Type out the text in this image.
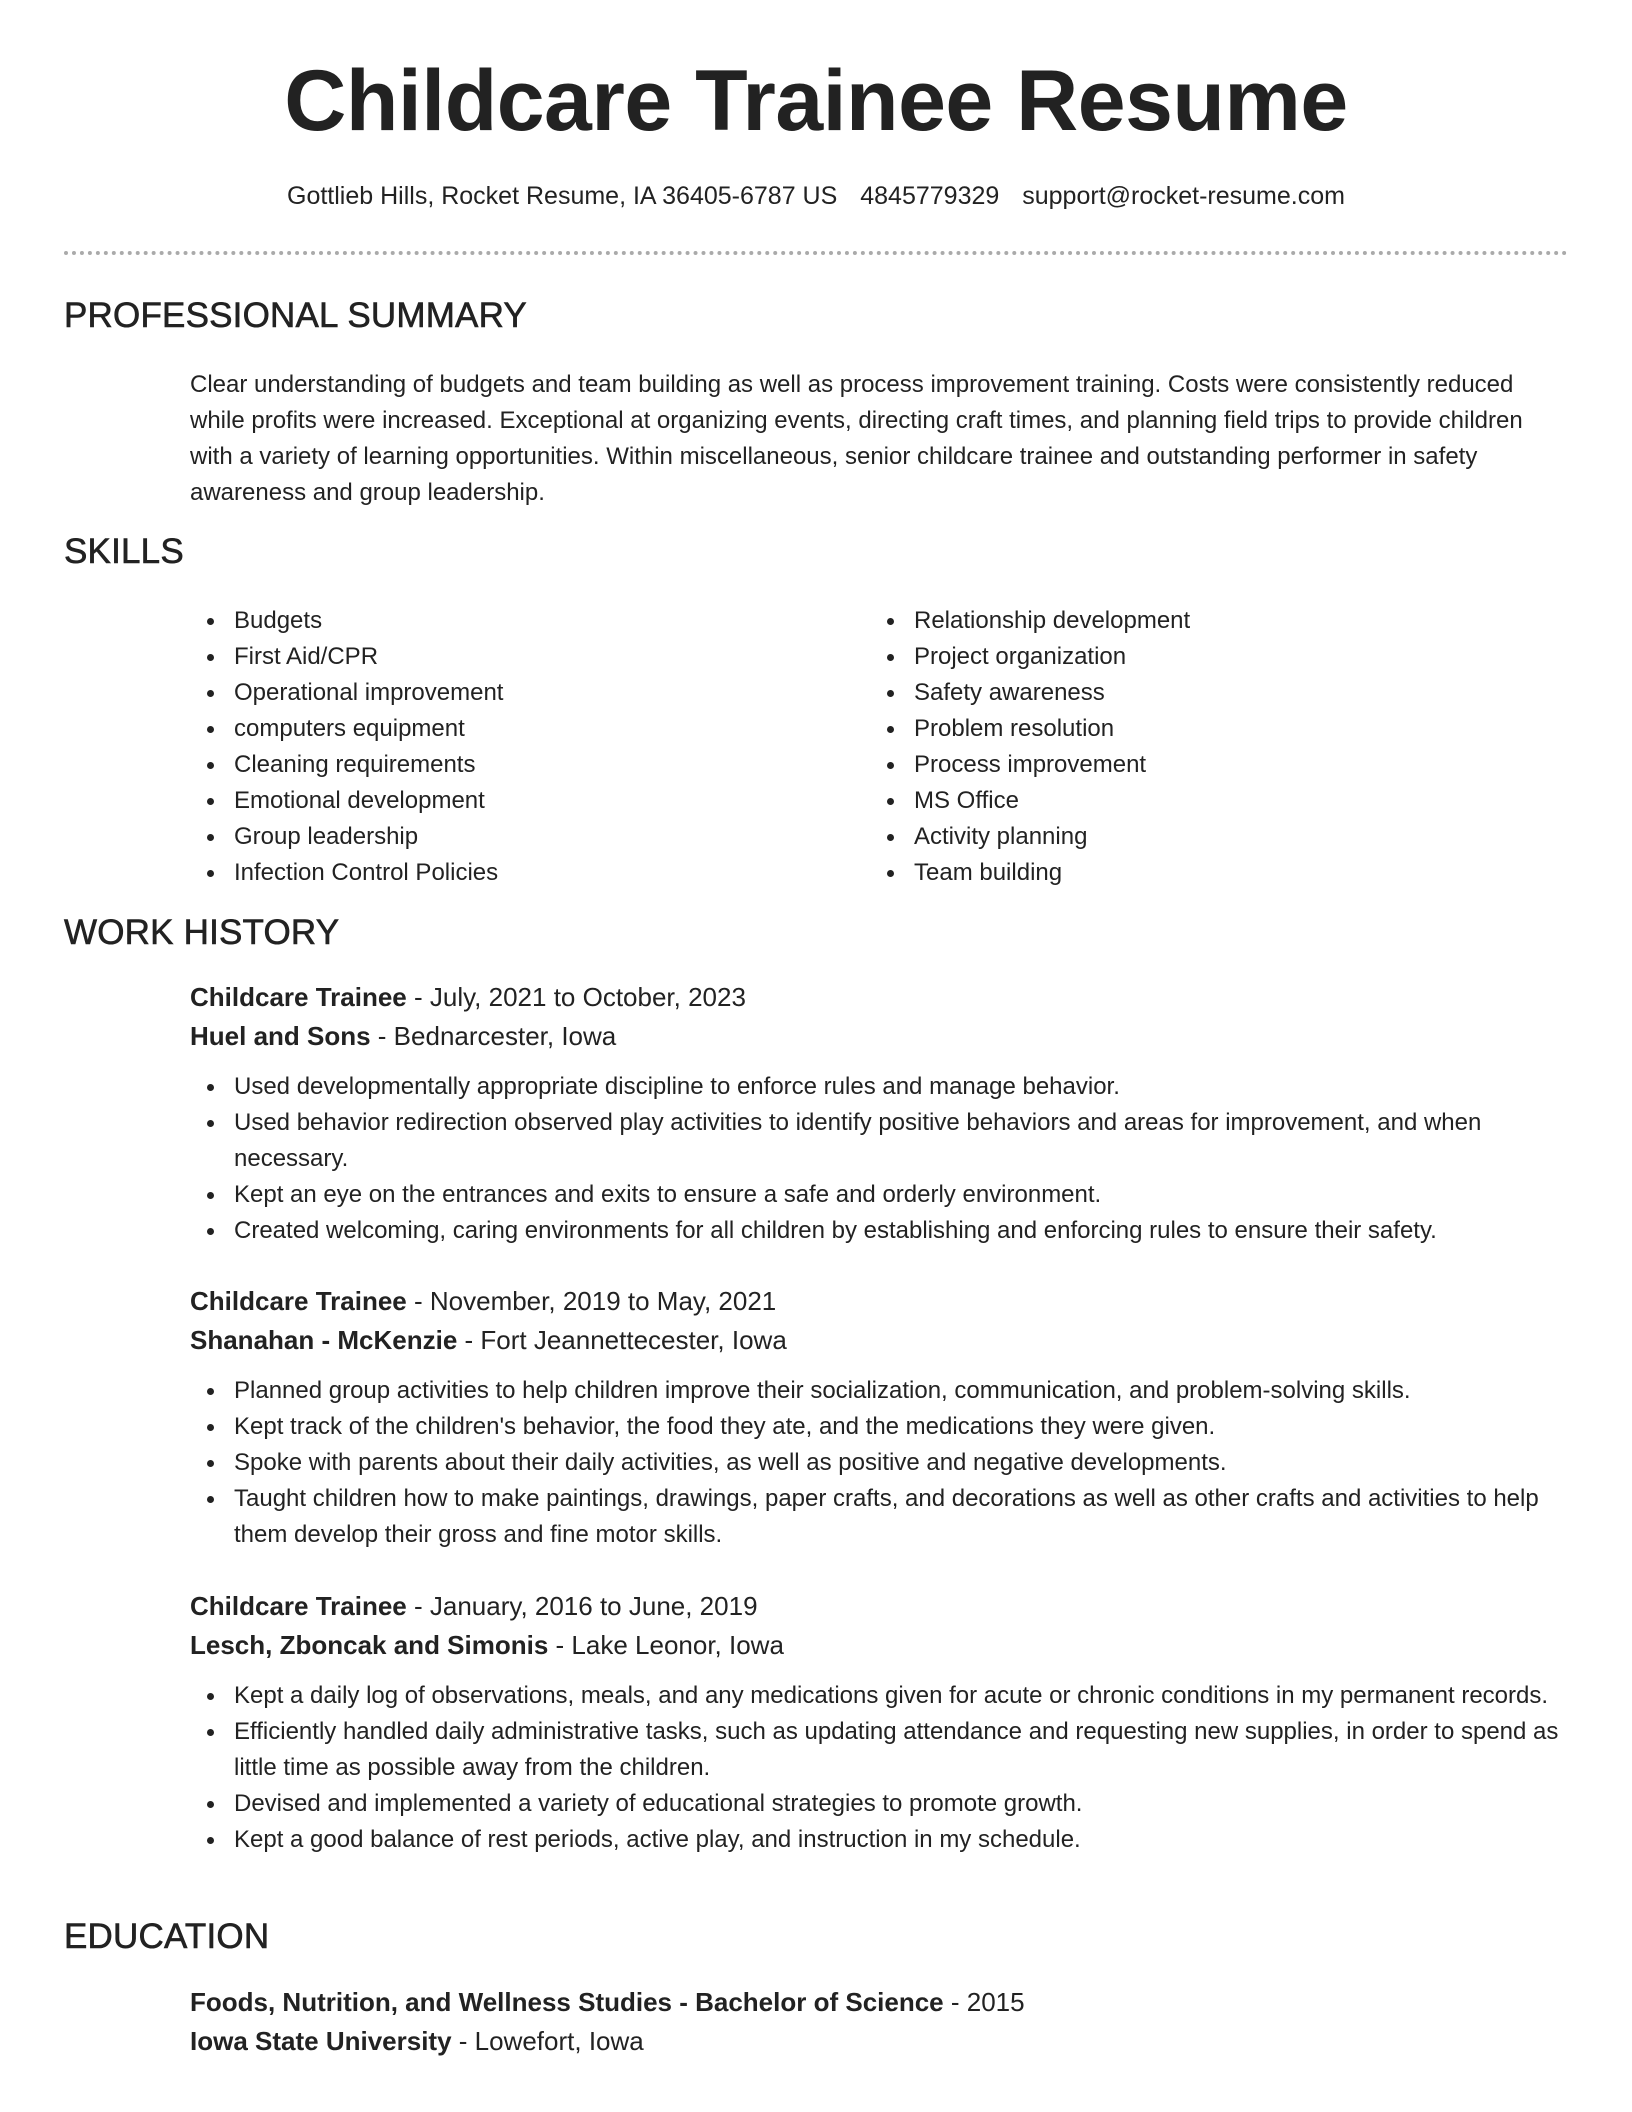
Childcare Trainee Resume
Gottlieb Hills, Rocket Resume, IA 36405-6787 US 4845779329 support@rocket-resume.com
PROFESSIONAL SUMMARY
Clear understanding of budgets and team building as well as process improvement training. Costs were consistently reduced while profits were increased. Exceptional at organizing events, directing craft times, and planning field trips to provide children with a variety of learning opportunities. Within miscellaneous, senior childcare trainee and outstanding performer in safety awareness and group leadership.
SKILLS
Budgets
First Aid/CPR
Operational improvement
computers equipment
Cleaning requirements
Emotional development
Group leadership
Infection Control Policies
Relationship development
Project organization
Safety awareness
Problem resolution
Process improvement
MS Office
Activity planning
Team building
WORK HISTORY
Childcare Trainee - July, 2021 to October, 2023
Huel and Sons - Bednarcester, Iowa
Used developmentally appropriate discipline to enforce rules and manage behavior.
Used behavior redirection observed play activities to identify positive behaviors and areas for improvement, and when necessary.
Kept an eye on the entrances and exits to ensure a safe and orderly environment.
Created welcoming, caring environments for all children by establishing and enforcing rules to ensure their safety.
Childcare Trainee - November, 2019 to May, 2021
Shanahan - McKenzie - Fort Jeannettecester, Iowa
Planned group activities to help children improve their socialization, communication, and problem-solving skills.
Kept track of the children's behavior, the food they ate, and the medications they were given.
Spoke with parents about their daily activities, as well as positive and negative developments.
Taught children how to make paintings, drawings, paper crafts, and decorations as well as other crafts and activities to help them develop their gross and fine motor skills.
Childcare Trainee - January, 2016 to June, 2019
Lesch, Zboncak and Simonis - Lake Leonor, Iowa
Kept a daily log of observations, meals, and any medications given for acute or chronic conditions in my permanent records.
Efficiently handled daily administrative tasks, such as updating attendance and requesting new supplies, in order to spend as little time as possible away from the children.
Devised and implemented a variety of educational strategies to promote growth.
Kept a good balance of rest periods, active play, and instruction in my schedule.
EDUCATION
Foods, Nutrition, and Wellness Studies - Bachelor of Science - 2015
Iowa State University - Lowefort, Iowa
